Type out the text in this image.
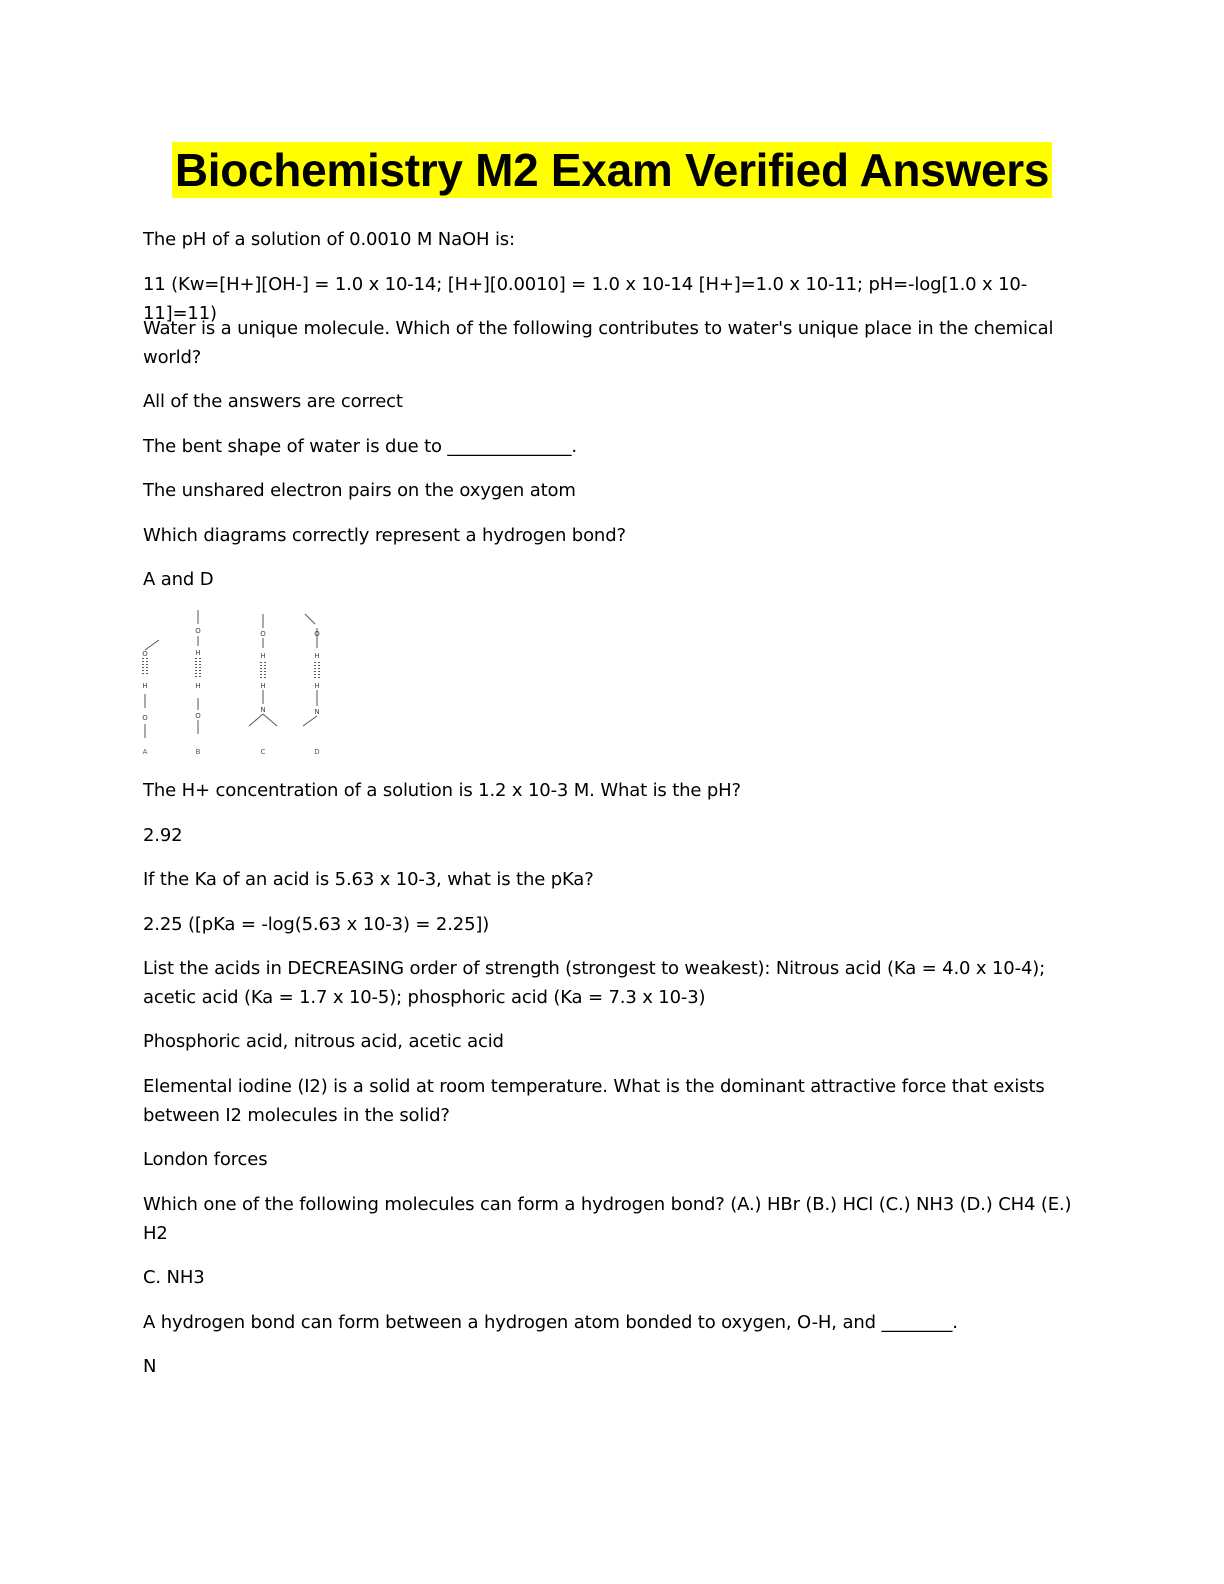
Biochemistry M2 Exam Verified Answers

The pH of a solution of 0.0010 M NaOH is:

11 (Kw=[H+][OH-] = 1.0 x 10-14; [H+][0.0010] = 1.0 x 10-14 [H+]=1.0 x 10-11; pH=-log[1.0 x 10-11]=11)

Water is a unique molecule. Which of the following contributes to water's unique place in the chemical world?

All of the answers are correct

The bent shape of water is due to ______________.

The unshared electron pairs on the oxygen atom

Which diagrams correctly represent a hydrogen bond?

A and D

The H+ concentration of a solution is 1.2 x 10-3 M. What is the pH?

2.92

If the Ka of an acid is 5.63 x 10-3, what is the pKa?

2.25 ([pKa = -log(5.63 x 10-3) = 2.25])

List the acids in DECREASING order of strength (strongest to weakest): Nitrous acid (Ka = 4.0 x 10-4); acetic acid (Ka = 1.7 x 10-5); phosphoric acid (Ka = 7.3 x 10-3)

Phosphoric acid, nitrous acid, acetic acid

Elemental iodine (I2) is a solid at room temperature. What is the dominant attractive force that exists between I2 molecules in the solid?

London forces

Which one of the following molecules can form a hydrogen bond? (A.) HBr (B.) HCl (C.) NH3 (D.) CH4 (E.) H2

C. NH3

A hydrogen bond can form between a hydrogen atom bonded to oxygen, O-H, and ________.

N

O
H
O
O
H
H
O
O
H
H
N
O
H
H
N
A	B	C	D
